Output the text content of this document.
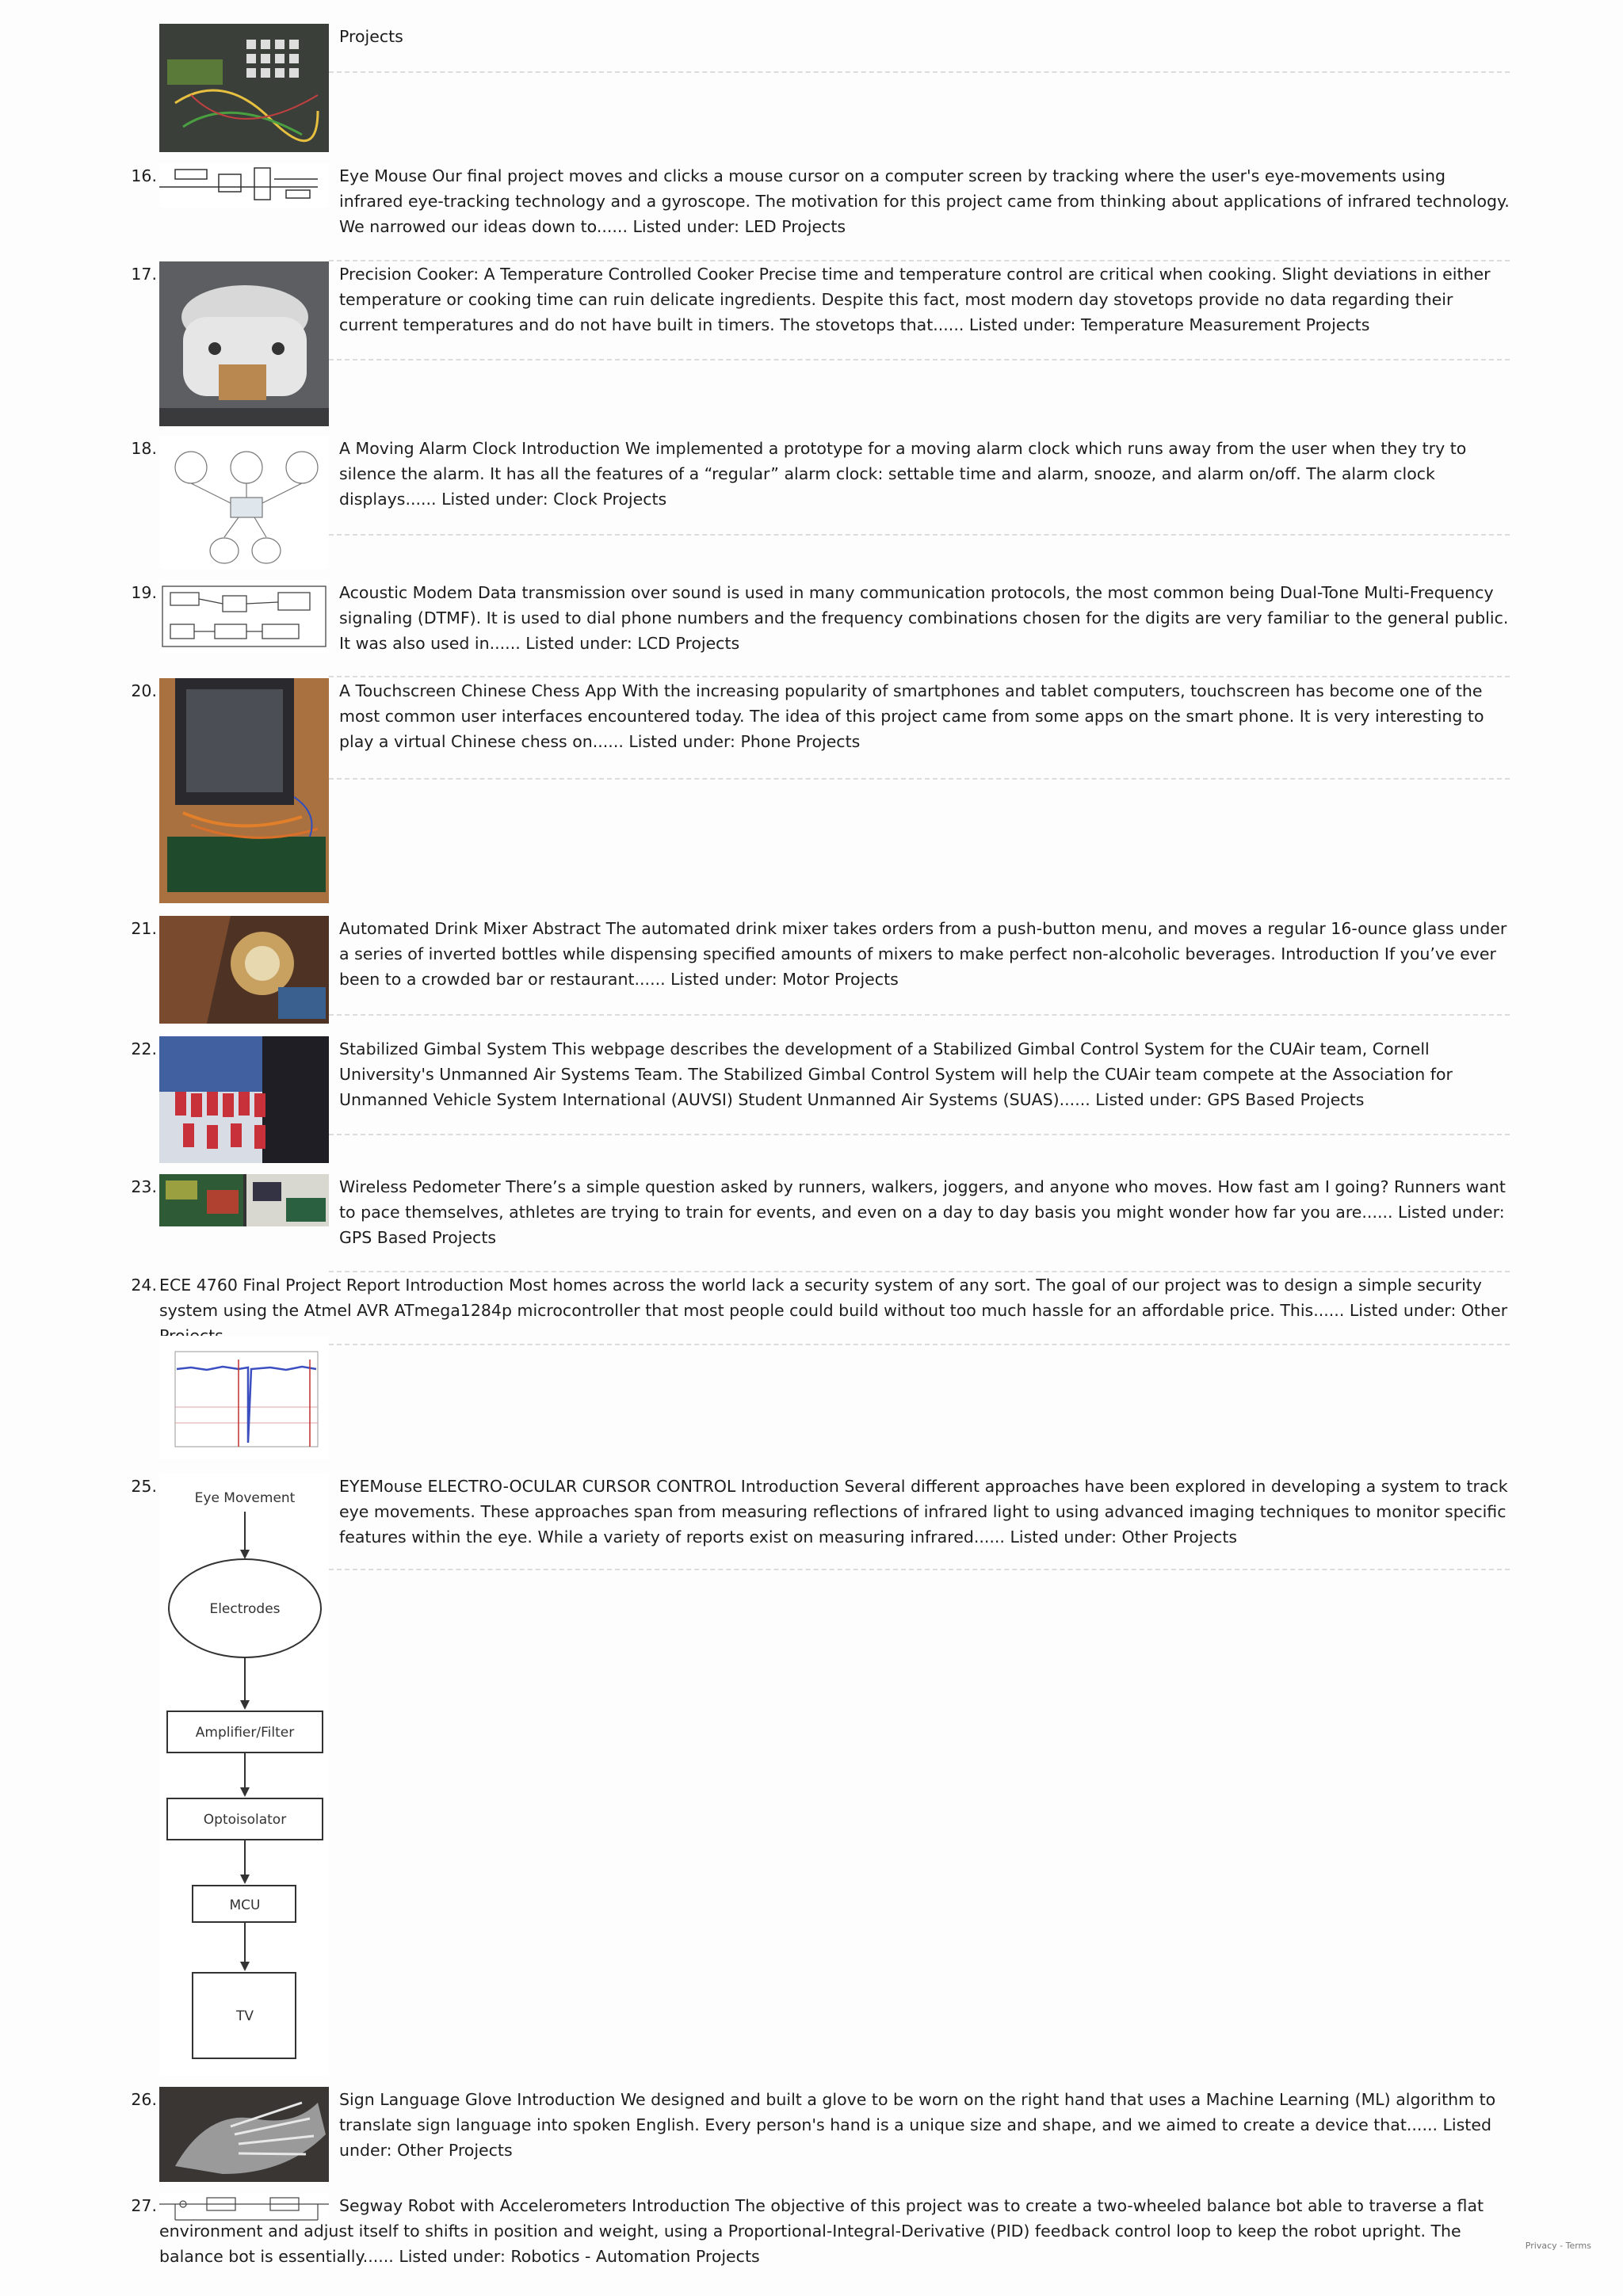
Projects
16.	Eye Mouse Our final project moves and clicks a mouse cursor on a computer screen by tracking where the user's eye-movements using infrared eye-tracking technology and a gyroscope. The motivation for this project came from thinking about applications of infrared technology. We narrowed our ideas down to...... Listed under: LED Projects
17.	Precision Cooker: A Temperature Controlled Cooker Precise time and temperature control are critical when cooking. Slight deviations in either temperature or cooking time can ruin delicate ingredients. Despite this fact, most modern day stovetops provide no data regarding their current temperatures and do not have built in timers. The stovetops that...... Listed under: Temperature Measurement Projects
18.	A Moving Alarm Clock Introduction We implemented a prototype for a moving alarm clock which runs away from the user when they try to silence the alarm. It has all the features of a “regular” alarm clock: settable time and alarm, snooze, and alarm on/off. The alarm clock displays...... Listed under: Clock Projects
19.	Acoustic Modem Data transmission over sound is used in many communication protocols, the most common being Dual-Tone Multi-Frequency signaling (DTMF). It is used to dial phone numbers and the frequency combinations chosen for the digits are very familiar to the general public. It was also used in...... Listed under: LCD Projects
20.	A Touchscreen Chinese Chess App With the increasing popularity of smartphones and tablet computers, touchscreen has become one of the most common user interfaces encountered today. The idea of this project came from some apps on the smart phone. It is very interesting to play a virtual Chinese chess on...... Listed under: Phone Projects
21.	Automated Drink Mixer Abstract The automated drink mixer takes orders from a push-button menu, and moves a regular 16-ounce glass under a series of inverted bottles while dispensing specified amounts of mixers to make perfect non-alcoholic beverages. Introduction If you’ve ever been to a crowded bar or restaurant...... Listed under: Motor Projects
22.	Stabilized Gimbal System This webpage describes the development of a Stabilized Gimbal Control System for the CUAir team, Cornell University's Unmanned Air Systems Team. The Stabilized Gimbal Control System will help the CUAir team compete at the Association for Unmanned Vehicle System International (AUVSI) Student Unmanned Air Systems (SUAS)...... Listed under: GPS Based Projects
23.	Wireless Pedometer There’s a simple question asked by runners, walkers, joggers, and anyone who moves. How fast am I going? Runners want to pace themselves, athletes are trying to train for events, and even on a day to day basis you might wonder how far you are...... Listed under: GPS Based Projects
24. ECE 4760 Final Project Report Introduction Most homes across the world lack a security system of any sort. The goal of our project was to design a simple security system using the Atmel AVR ATmega1284p microcontroller that most people could build without too much hassle for an affordable price. This...... Listed under: Other
25.
Eye Movement
Electrodes
Amplifier/Filter
Optoisolator
MCU
TV
EYEMouse ELECTRO-OCULAR CURSOR CONTROL Introduction Several different approaches have been explored in developing a system to track eye movements. These approaches span from measuring reflections of infrared light to using advanced imaging techniques to monitor specific features within the eye. While a variety of reports exist on measuring infrared...... Listed under: Other Projects
26.	Sign Language Glove Introduction We designed and built a glove to be worn on the right hand that uses a Machine Learning (ML) algorithm to translate sign language into spoken English. Every person's hand is a unique size and shape, and we aimed to create a device that...... Listed under: Other Projects
27.	Segway Robot with Accelerometers Introduction The objective of this project was to create a two-wheeled balance bot able to traverse a flat environment and adjust itself to shifts in position and weight, using a Proportional-Integral-Derivative (PID) feedback control loop to keep the robot upright. The balance bot is essentially...... Listed under: Robotics - Automation Projects
Privacy - Terms
